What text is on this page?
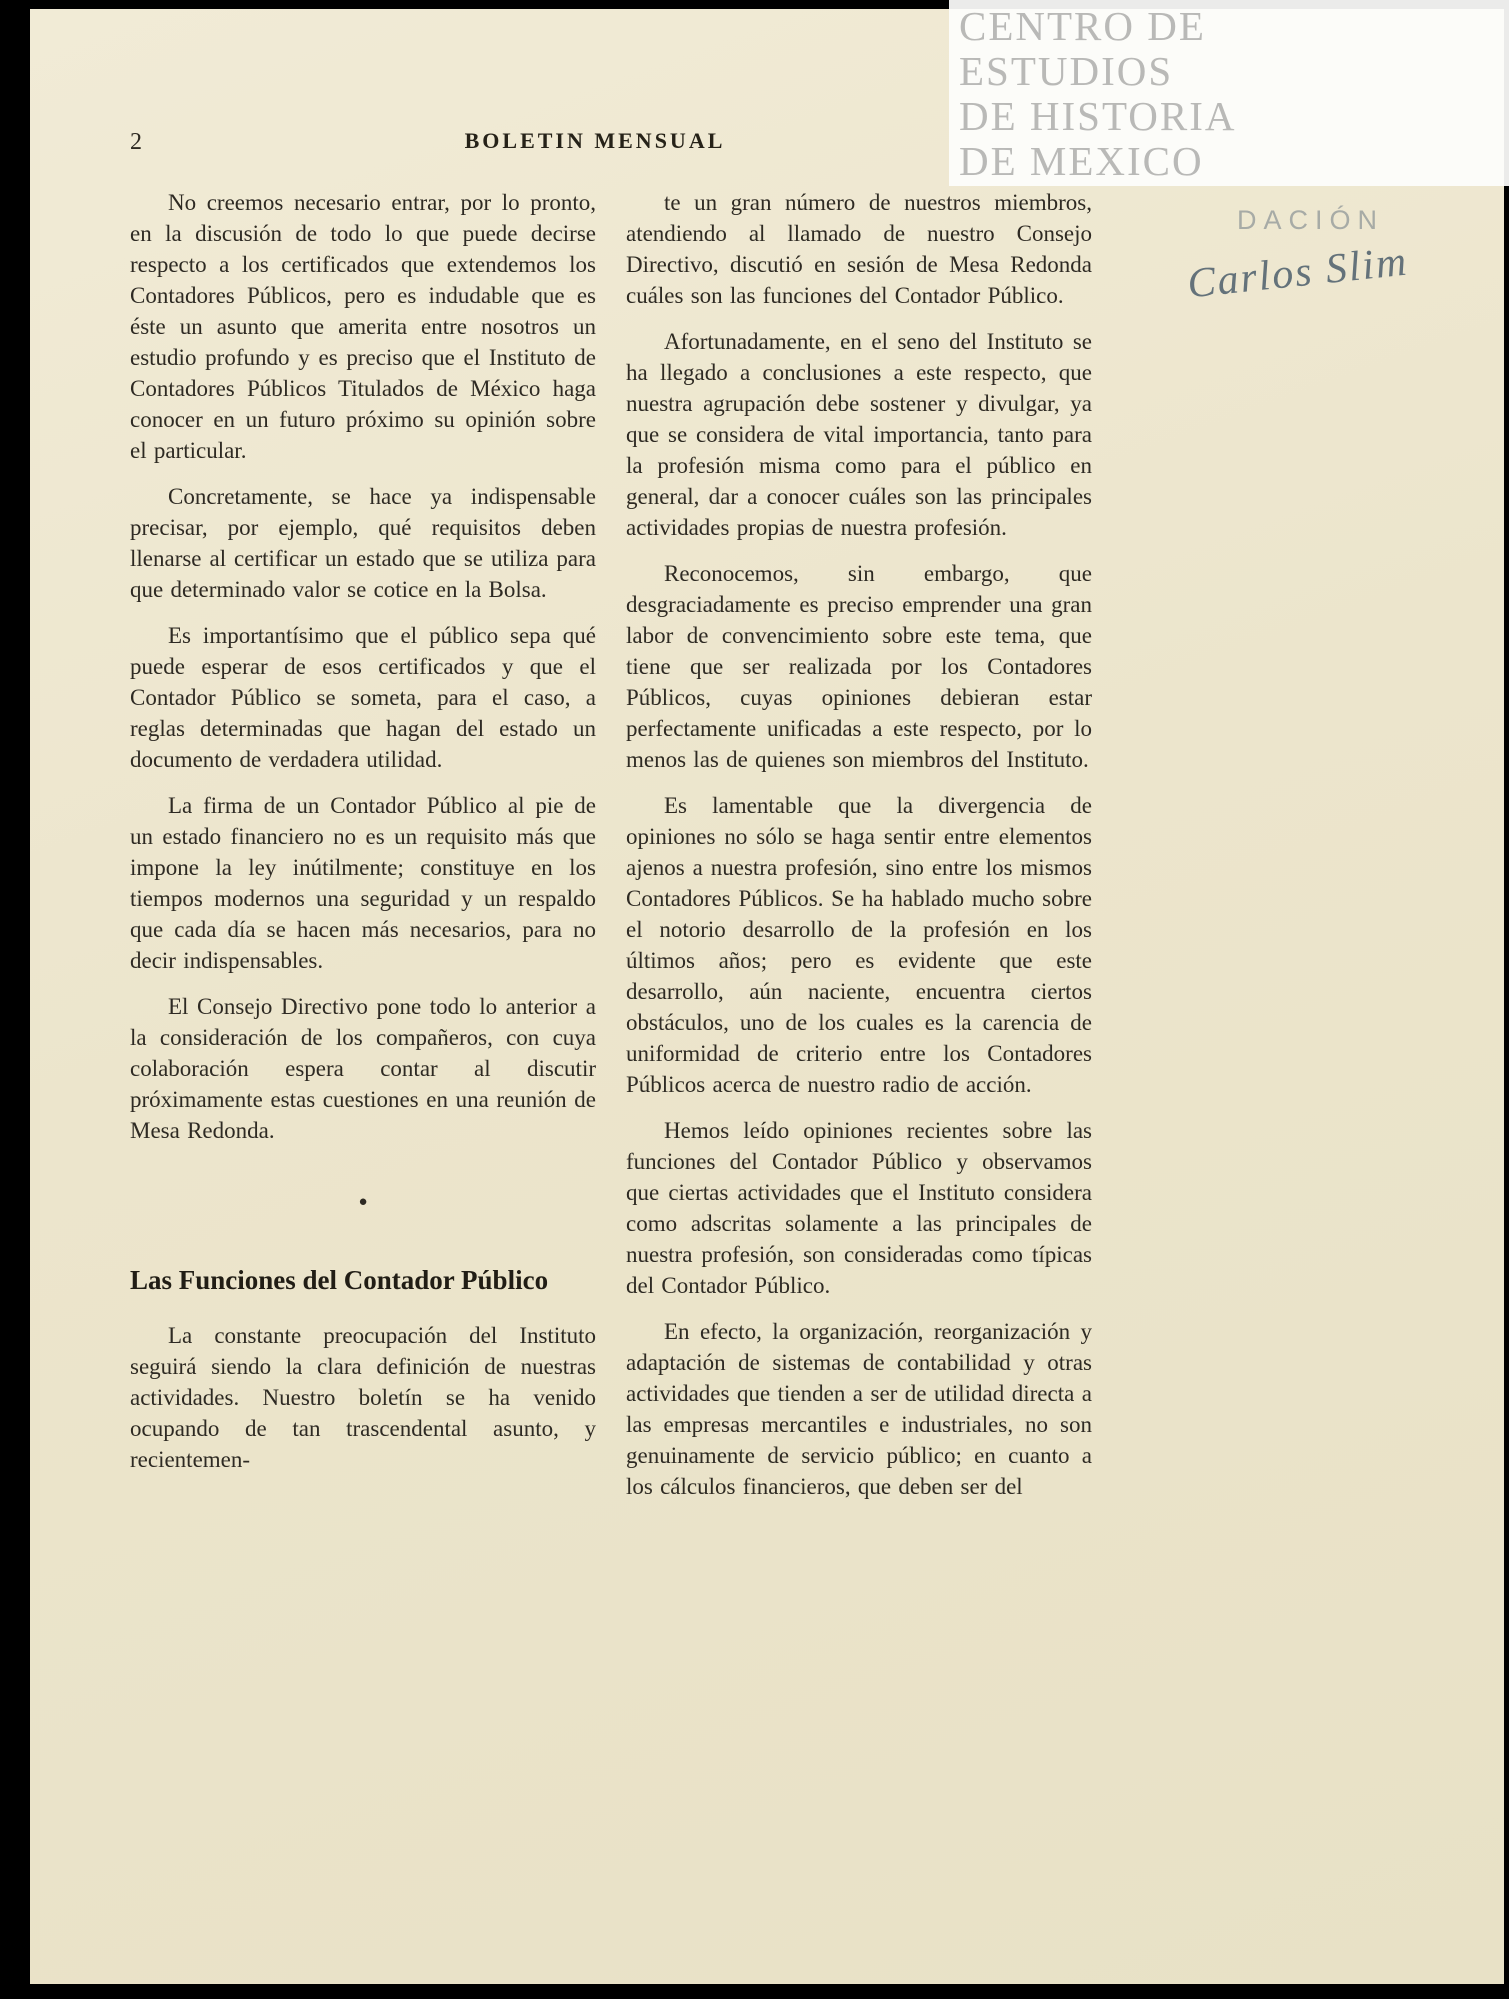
2	BOLETIN MENSUAL

No creemos necesario entrar, por lo pronto, en la discusión de todo lo que puede decirse respecto a los certificados que extendemos los Contadores Públicos, pero es indudable que es éste un asunto que amerita entre nosotros un estudio profundo y es preciso que el Instituto de Contadores Públicos Titulados de México haga conocer en un futuro próximo su opinión sobre el particular.

Concretamente, se hace ya indispensable precisar, por ejemplo, qué requisitos deben llenarse al certificar un estado que se utiliza para que determinado valor se cotice en la Bolsa.

Es importantísimo que el público sepa qué puede esperar de esos certificados y que el Contador Público se someta, para el caso, a reglas determinadas que hagan del estado un documento de verdadera utilidad.

La firma de un Contador Público al pie de un estado financiero no es un requisito más que impone la ley inútilmente; constituye en los tiempos modernos una seguridad y un respaldo que cada día se hacen más necesarios, para no decir indispensables.

El Consejo Directivo pone todo lo anterior a la consideración de los compañeros, con cuya colaboración espera contar al discutir próximamente estas cuestiones en una reunión de Mesa Redonda.

●
Las Funciones del Contador Público

La constante preocupación del Instituto seguirá siendo la clara definición de nuestras actividades. Nuestro boletín se ha venido ocupando de tan trascendental asunto, y recientemen-

te un gran número de nuestros miembros, atendiendo al llamado de nuestro Consejo Directivo, discutió en sesión de Mesa Redonda cuáles son las funciones del Contador Público.

Afortunadamente, en el seno del Instituto se ha llegado a conclusiones a este respecto, que nuestra agrupación debe sostener y divulgar, ya que se considera de vital importancia, tanto para la profesión misma como para el público en general, dar a conocer cuáles son las principales actividades propias de nuestra profesión.

Reconocemos, sin embargo, que desgraciadamente es preciso emprender una gran labor de convencimiento sobre este tema, que tiene que ser realizada por los Contadores Públicos, cuyas opiniones debieran estar perfectamente unificadas a este respecto, por lo menos las de quienes son miembros del Instituto.

Es lamentable que la divergencia de opiniones no sólo se haga sentir entre elementos ajenos a nuestra profesión, sino entre los mismos Contadores Públicos. Se ha hablado mucho sobre el notorio desarrollo de la profesión en los últimos años; pero es evidente que este desarrollo, aún naciente, encuentra ciertos obstáculos, uno de los cuales es la carencia de uniformidad de criterio entre los Contadores Públicos acerca de nuestro radio de acción.

Hemos leído opiniones recientes sobre las funciones del Contador Público y observamos que ciertas actividades que el Instituto considera como adscritas solamente a las principales de nuestra profesión, son consideradas como típicas del Contador Público.

En efecto, la organización, reorganización y adaptación de sistemas de contabilidad y otras actividades que tienden a ser de utilidad directa a las empresas mercantiles e industriales, no son genuinamente de servicio público; en cuanto a los cálculos financieros, que deben ser del

DACIÓN
Carlos Slim
CENTRO DE
ESTUDIOS
DE HISTORIA
DE MEXICO
